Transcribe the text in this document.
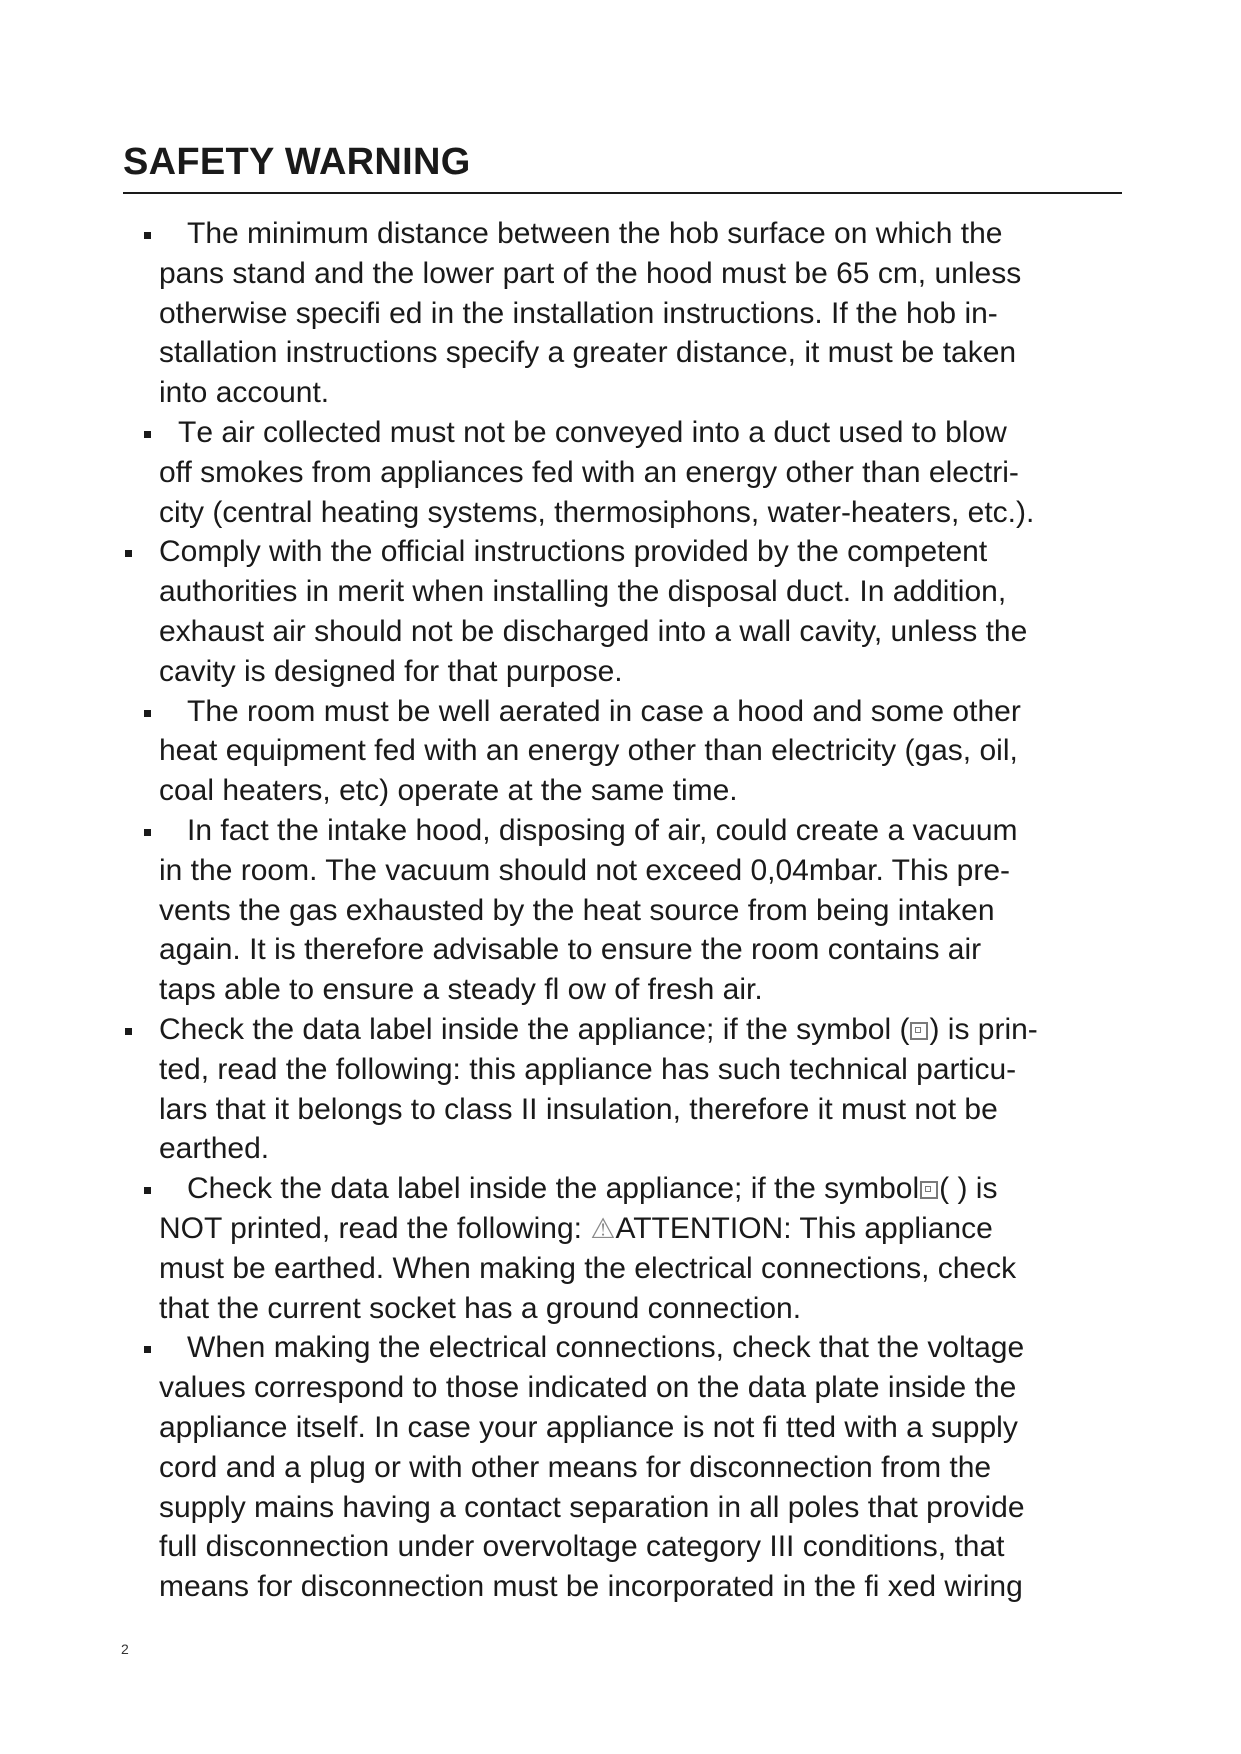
SAFETY WARNING
The minimum distance between the hob surface on which the
pans stand and the lower part of the hood must be 65 cm, unless
otherwise specifi ed in the installation instructions. If the hob in-
stallation instructions specify a greater distance, it must be taken
into account.
Тe air collected must not be conveyed into a duct used to blow
off smokes from appliances fed with an energy other than electri-
city (central heating systems, thermosiphons, water-heaters, etc.).
Comply with the official instructions provided by the competent
authorities in merit when installing the disposal duct. In addition,
exhaust air should not be discharged into a wall cavity, unless the
cavity is designed for that purpose.
The room must be well aerated in case a hood and some other
heat equipment fed with an energy other than electricity (gas, oil,
coal heaters, etc) operate at the same time.
In fact the intake hood, disposing of air, could create a vacuum
in the room. The vacuum should not exceed 0,04mbar. This pre-
vents the gas exhausted by the heat source from being intaken
again. It is therefore advisable to ensure the room contains air
taps able to ensure a steady fl ow of fresh air.
Check the data label inside the appliance; if the symbol ( ) is prin-
ted, read the following: this appliance has such technical particu-
lars that it belongs to class II insulation, therefore it must not be
earthed.
Check the data label inside the appliance; if the symbol ( ) is
NOT printed, read the following: ⚠ATTENTION: This appliance
must be earthed. When making the electrical connections, check
that the current socket has a ground connection.
When making the electrical connections, check that the voltage
values correspond to those indicated on the data plate inside the
appliance itself. In case your appliance is not fi tted with a supply
cord and a plug or with other means for disconnection from the
supply mains having a contact separation in all poles that provide
full disconnection under overvoltage category III conditions, that
means for disconnection must be incorporated in the fi xed wiring
2
